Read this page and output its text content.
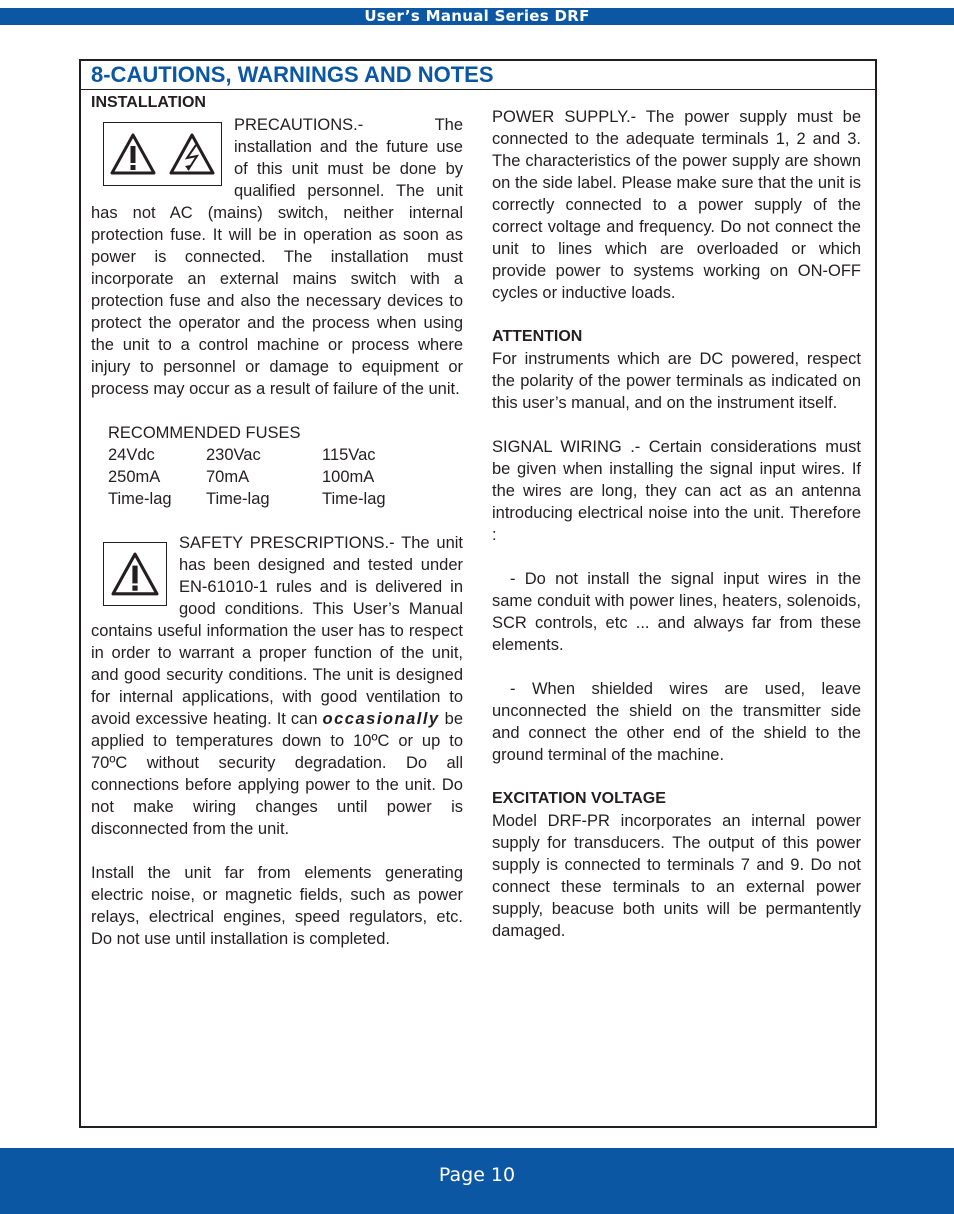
User’s Manual Series DRF
8-CAUTIONS, WARNINGS AND NOTES

INSTALLATION

PRECAUTIONS.-
The installation and the future use of this unit must be done by qualified personnel. The unit has not AC (mains) switch, neither internal protection fuse. It will be in operation as soon as power is connected. The installation must incorporate an external mains switch with a protection fuse and also the necessary devices to protect the operator and the process when using the unit to a control machine or process where injury to personnel or damage to equipment or process may occur as a result of failure of the unit.

RECOMMENDED FUSES

24Vdc	230Vac	115Vac
250mA	70mA	100mA
Time-lag	Time-lag	Time-lag

SAFETY PRESCRIPTIONS.-
The unit has been designed and tested under EN-61010-1 rules and is delivered in good conditions. This User’s Manual contains useful information the user has to respect in order to warrant a proper function of the unit, and good security conditions. The unit is designed for internal applications, with good ventilation to avoid excessive heating. It can occasionally be applied to temperatures down to 10ºC or up to 70ºC without security degradation. Do all connections before applying power to the unit. Do not make wiring changes until power is disconnected from the unit.

Install the unit far from elements generating electric noise, or magnetic fields, such as power relays, electrical engines, speed regulators, etc. Do not use until installation is completed.

POWER SUPPLY.- The power supply must be connected to the adequate terminals 1, 2 and 3. The characteristics of the power supply are shown on the side label. Please make sure that the unit is correctly connected to a power supply of the correct voltage and frequency. Do not connect the unit to lines which are overloaded or which provide power to systems working on ON-OFF cycles or inductive loads.

ATTENTION

For instruments which are DC powered, respect the polarity of the power terminals as indicated on this user’s manual, and on the instrument itself.

SIGNAL WIRING .- Certain considerations must be given when installing the signal input wires. If the wires are long, they can act as an antenna introducing electrical noise into the unit. Therefore :

- Do not install the signal input wires in the same conduit with power lines, heaters, solenoids, SCR controls, etc ... and always far from these elements.

- When shielded wires are used, leave unconnected the shield on the transmitter side and connect the other end of the shield to the ground terminal of the machine.

EXCITATION VOLTAGE

Model DRF-PR incorporates an internal power supply for transducers. The output of this power supply is connected to terminals 7 and 9. Do not connect these terminals to an external power supply, beacuse both units will be permantently damaged.

Page 10
